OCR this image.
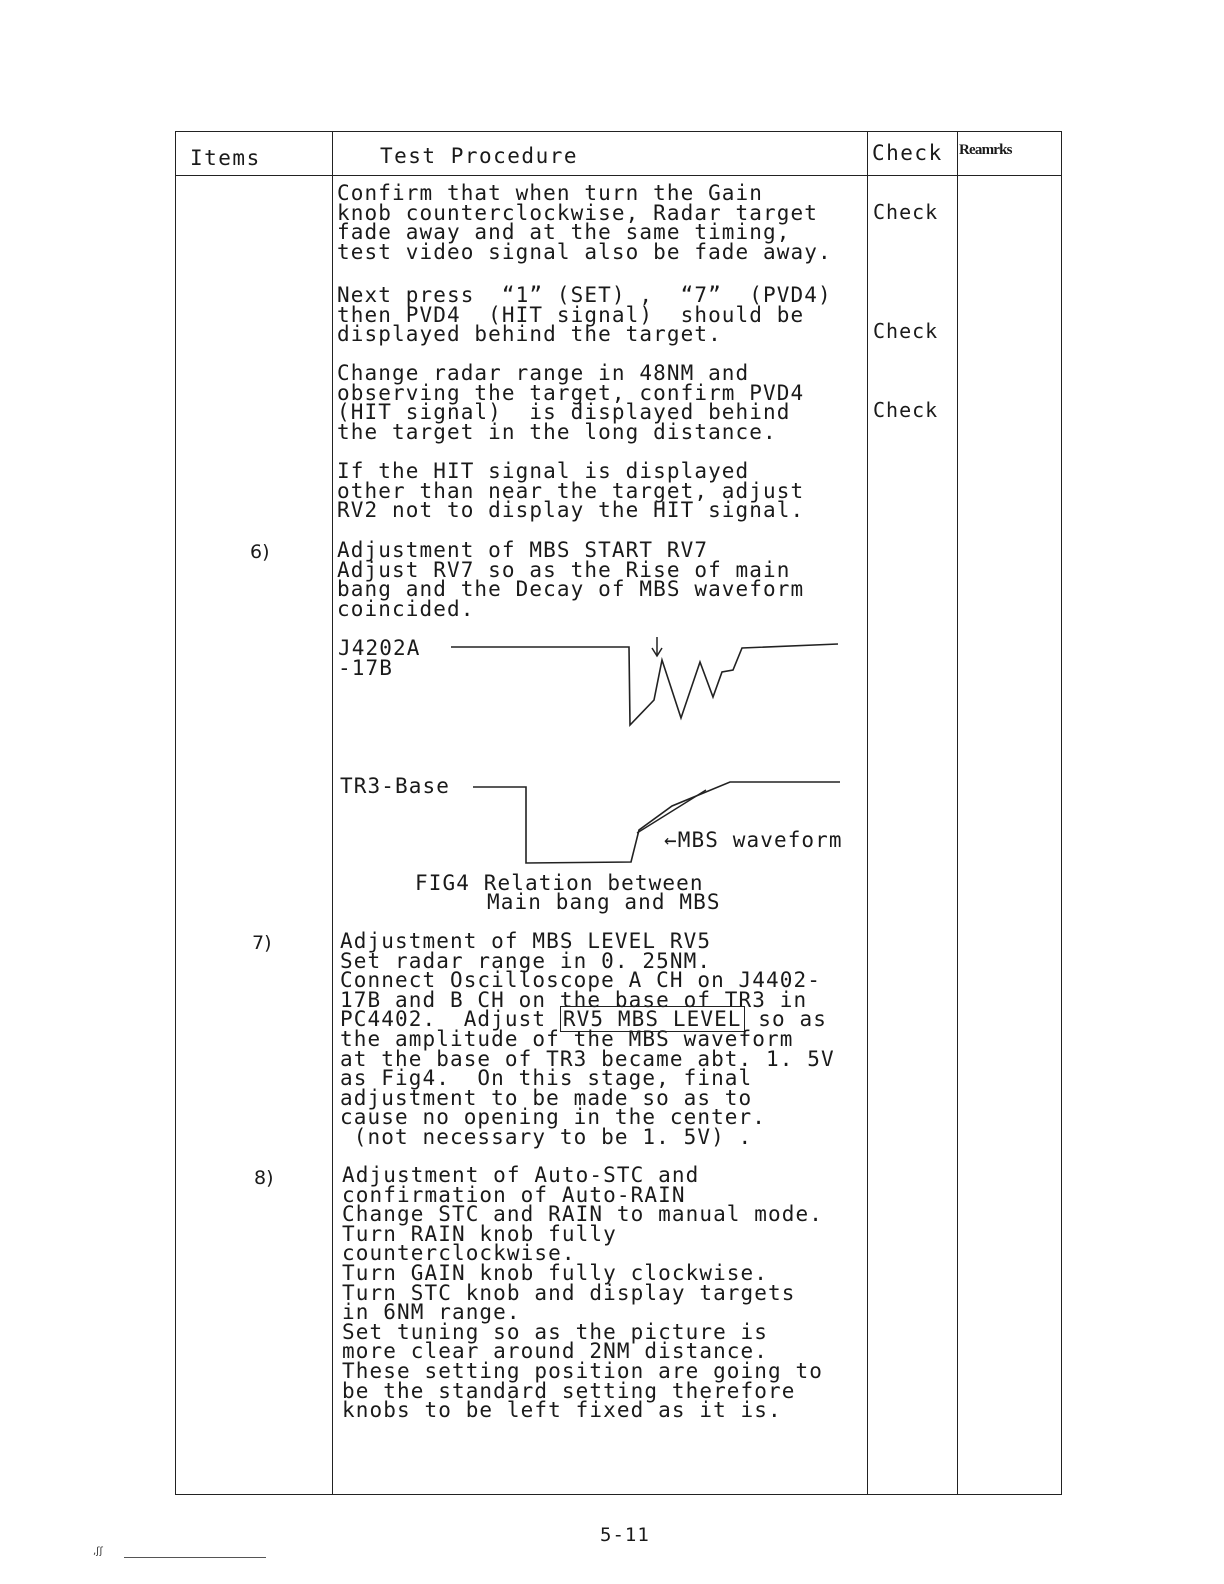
Items	Test Procedure	Check Reamrks
Confirm that when turn the Gain
knob counterclockwise, Radar target
fade away and at the same timing,
test video signal also be fade away.
Next press  “1” (SET) ,  “7”  (PVD4)
then PVD4  (HIT signal)  should be
displayed behind the target.
Change radar range in 48NM and
observing the target, confirm PVD4
(HIT signal)  is displayed behind
the target in the long distance.
If the HIT signal is displayed
other than near the target, adjust
RV2 not to display the HIT signal.
Adjustment of MBS START RV7
Adjust RV7 so as the Rise of main
bang and the Decay of MBS waveform
coincided.
Check
Check
Check
6)
7)
8)
J4202A
-17B
TR3-Base
←MBS waveform
FIG4 Relation between
Main bang and MBS
Adjustment of MBS LEVEL RV5
Set radar range in 0. 25NM.
Connect Oscilloscope A CH on J4402-
17B and B CH on the base of TR3 in
PC4402.  Adjust RV5 MBS LEVEL so as
the amplitude of the MBS waveform
at the base of TR3 became abt. 1. 5V
as Fig4.  On this stage, final
adjustment to be made so as to
cause no opening in the center.
(not necessary to be 1. 5V) .
Adjustment of Auto-STC and
confirmation of Auto-RAIN
Change STC and RAIN to manual mode.
Turn RAIN knob fully
counterclockwise.
Turn GAIN knob fully clockwise.
Turn STC knob and display targets
in 6NM range.
Set tuning so as the picture is
more clear around 2NM distance.
These setting position are going to
be the standard setting therefore
knobs to be left fixed as it is.
5-11
,ʃʃ
